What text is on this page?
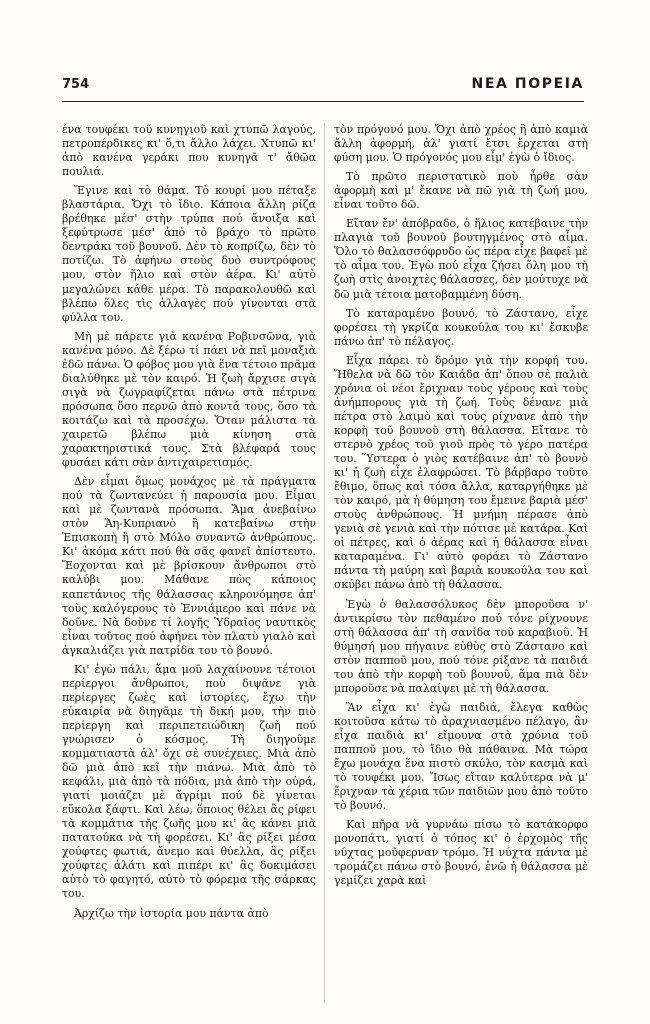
754	ΝΕΑ ΠΟΡΕΙΑ

ένα τουφέκι τοῦ κυνηγιοῦ καὶ χτυπῶ λαγούς, πετροπέρδικες κι' ὅ,τι ἄλλο λάχει. Χτυπῶ κι' ἀπὸ κανένα γεράκι που κυνηγᾶ τ' ἄθῶα πουλιά.

Ἔγινε καὶ τὸ θάμα. Τὸ κουρί μου πέταξε βλαστάρια. Ὄχι τὸ ἴδιο. Κάποια ἄλλη ρίζα βρέθηκε μέσ' στὴν τρύπα πού ἄνοιξα καὶ ξεφύτρωσε μέσ' ἀπὸ τὸ βράχο τὸ πρῶτο δεντράκι τοῦ βουνοῦ. Δὲν τὸ κοπρίζω, δὲν τὸ ποτίζω. Τὸ ἀφήνω στοὺς δυὸ συντρόφους μου, στὸν ἥλιο καὶ στὸν ἀέρα. Κι' αὐτὸ μεγαλώνει κάθε μέρα. Τὸ παρακολουθῶ καὶ βλέπω ὅλες τὶς ἀλλαγὲς πού γίνονται στὰ φύλλα του.

Μὴ μὲ πάρετε γιὰ κανένα Ροβινσῶνα, γιὰ κανένα μόνο. Δὲ ξέρω τί πάει νὰ πεῖ μοναξιὰ ἐδῶ πάνω. Ὁ φόβος μου γιὰ ἕνα τέτοιο πρᾶμα διαλύθηκε μὲ τὸν καιρό. Ἡ ζωὴ ἄρχισε σιγὰ σιγὰ νὰ ζωγραφίζεται πάνω στὰ πέτρινα πρόσωπα ὅσο περνῶ ἀπὸ κοντά τους, ὅσο τὰ κοιτάζω καὶ τὰ προσέχω. Ὅταν μάλιστα τὰ χαιρετῶ βλέπω μιὰ κίνηση στὰ χαρακτηριστικά τους. Στὰ βλέφαρά τους φυσάει κάτι σὰν ἀντιχαιρετισμός.

Δὲν εἶμαι ὅμως μονάχος μὲ τὰ πράγματα πού τὰ ζωντανεύει ἡ παρουσία μου. Εἶμαι καὶ μὲ ζωντανὰ πρόσωπα. Ἅμα ἀνεβαίνω στὸν Ἅη-Κυπριανὸ ἢ κατεβαίνω στὴν Ἐπισκοπὴ ἢ στὸ Μόλο συναντῶ ἀνθρώπους. Κι' ἀκόμα κάτι πού θὰ σᾶς φανεῖ ἀπίστευτο. Ἔοχονται καὶ μὲ βρίσκουν ἄνθρωποι στὸ καλύβι μου. Μάθανε πὼς κάποιος καπετάνιος τῆς θάλασσας κληρονόμησε ἀπ' τοὺς καλόγερους τὸ Ἐννιάμερο καὶ πάνε νὰ δοῦνε. Νὰ δοῦνε τί λογῆς Ὑδραῖος ναυτικὸς εἶναι τοῦτος πού ἀφήνει τὸν πλατὺ γιαλὸ καὶ ἀγκαλιάζει γιὰ πατρίδα του τὸ βουνό.

Κι' ἐγὼ πάλι, ἅμα μοῦ λαχαίνουνε τέτοιοι περίεργοι ἄνθρωποι, ποὺ διψᾶνε γιὰ περίεργες ζωὲς καὶ ἱστορίες, ἔχω τὴν εὐκαιρία νὰ διηγᾶμε τὴ δική μου, τὴν πιὸ περίεργη καὶ περιπετειώδικη ζωὴ πού γνώρισεν ὁ κόσμος. Τὴ διηγοῦμε κομματιαστὰ ἀλ' ὄχι σὲ συνέχειες. Μιὰ ἀπὸ δῶ μιὰ ἀπὸ κεῖ τὴν πιάνω. Μιὰ ἀπὸ τὸ κεφάλι, μιὰ ἀπὸ τὰ πόδια, μιὰ ἀπὸ τὴν οὐρά, γιατί μοιάζει μὲ ἄγρίμι πού δὲ γίνεται εὔκολα ξάφτι. Καὶ λέω, ὅποιος θέλει ἂς ρίφει τὰ κομμάτια τῆς ζωῆς μου κι' ἂς κάνει μιὰ πατατούκα νὰ τὴ φορέσει. Κι' ἂς ρίξει μέσα χούφτες φωτιά, ἄνεμο καὶ θύελλα, ἂς ρίξει χούφτες ἀλάτι καὶ πιπέρι κι' ἂς δοκιμάσει αὐτὸ τὸ φαγητό, αὐτὸ τὸ φόρεμα τῆς σάρκας του.

Ἀρχίζω τὴν ἱστορία μου πάντα ἀπὸ

τὸν πρόγονό μου. Ὄχι ἀπὸ χρέος ἢ ἀπὸ καμιὰ ἄλλη ἀφορμή, ἀλ' γιατί ἔτσι ἔρχεται στὴ φύση μου. Ὁ πρόγονός μου εἶμ' ἐγὼ ὁ ἴδιος.

Τὸ πρῶτο περιστατικὸ ποὺ ἦρθε σὰν ἀφορμὴ καὶ μ' ἔκανε νὰ πῶ γιὰ τὴ ζωή μου, εἶναι τοῦτο δῶ.

Εἴταν ἔν' ἀπόβραδο, ὁ ἥλιος κατέβαινε τὴν πλαγιὰ τοῦ βουνοῦ βουτηγμένος στὸ αἷμα. Ὅλο τὸ θαλασσόφρυδο ὥς πέρα εἶχε βαφεῖ μὲ τὸ αἷμα του. Ἐγὼ πού εἶχα ζήσει ὅλη μου τὴ ζωὴ στὶς ἀνοιχτὲς θάλασσες, δὲν μούτυχε νὰ δῶ μιὰ τέτοια ματοβαμμένη δύση.

Τὸ καταραμένο βουνό, τὸ Ζάστανο, εἶχε φορέσει τὴ γκρίζα κουκούλα του κι' ἔσκυβε πάνω ἀπ' τὸ πέλαγος.

Εἶχα πάρει τὸ δρόμο γιὰ τὴν κορφή του. Ἤθελα νὰ δῶ τὸν Καιάδα ἀπ' ὅπου σὲ παλιὰ χρόνια οἱ νέοι ἔριχναν τοὺς γέρους καὶ τοὺς ἀνήμπορους γιὰ τὴ ζωή. Τοὺς δένανε μιὰ πέτρα στὸ λαιμὸ καὶ τοὺς ρίχνανε ἀπὸ τὴν κορφὴ τοῦ βουνοῦ στὴ θάλασσα. Εἴτανε τὸ στερνὸ χρέος τοῦ γιοῦ πρὸς τὸ γέρο πατέρα του. Ὕστερα ὁ γιὸς κατέβαινε ἀπ' τὸ βουνὸ κι' ἡ ζωὴ εἶχε ἐλαφρώσει. Τὸ βάρβαρο τοῦτο ἔθιμο, ὅπως καὶ τόσα ἄλλα, καταργήθηκε μὲ τὸν καιρό, μὰ ἡ θύμηση του ἔμεινε βαριὰ μέσ' στοὺς ἀνθρώπους. Ἡ μνήμη πέρασε ἀπὸ γενιὰ σὲ γενιὰ καὶ τὴν πότισε μὲ κατάρα. Καὶ οἱ πέτρες, καὶ ὁ ἀέρας καὶ ἡ θάλασσα εἶναι καταραμένα. Γι' αὐτὸ φοράει τὸ Ζάστανο πάντα τὴ μαύρη καὶ βαριὰ κουκούλα του καὶ σκύβει πάνω ἀπὸ τὴ θάλασσα.

Ἐγὼ ὁ θαλασσόλυκος δὲν μποροῦσα ν' ἀντικρίσω τὸν πεθαμένο πού τόνε ρίχνουνε στὴ θάλασσα ἀπ' τὴ σανίδα τοῦ καραβιοῦ. Ἡ θύμησή μου πήγαινε εὐθὺς στὸ Ζάστανο καὶ στὸν παπποῦ μου, πού τόνε ρίξανε τὰ παιδιά του ἀπὸ τὴν κορφὴ τοῦ βουνοῦ, ἅμα πιὰ δὲν μποροῦσε νὰ παλαίψει μὲ τὴ θάλασσα.

Ἂν εἶχα κι' ἐγὼ παιδιά, ἔλεγα καθὼς κοιτοῦσα κάτω τὸ ἀραχνιασμένο πέλαγο, ἂν εἶχα παιδιὰ κι' εἴμουνα στὰ χρόνια τοῦ παπποῦ μου, τὸ ἴδιο θὰ πάθαινα. Μὰ τώρα ἔχω μονάχα ἕνα πιστὸ σκύλο, τὸν κασμὰ καὶ τὸ τουφέκι μου. Ἴσως εἴταν καλύτερα νὰ μ' ἔριχναν τὰ χέρια τῶν παιδιῶν μου ἀπὸ τοῦτο τὸ βουνό.

Καὶ πῆρα νὰ γυρνάω πίσω τὸ κατάκορφο μονοπάτι, γιατί ὁ τόπος κι' ὁ ἐρχομὸς τῆς νύχτας μοῦφερναν τρόμο. Ἡ νύχτα πάντα μὲ τρομάζει πάνω στὸ βουνό, ἐνῶ ἡ θάλασσα μὲ γεμίζει χαρὰ καὶ
